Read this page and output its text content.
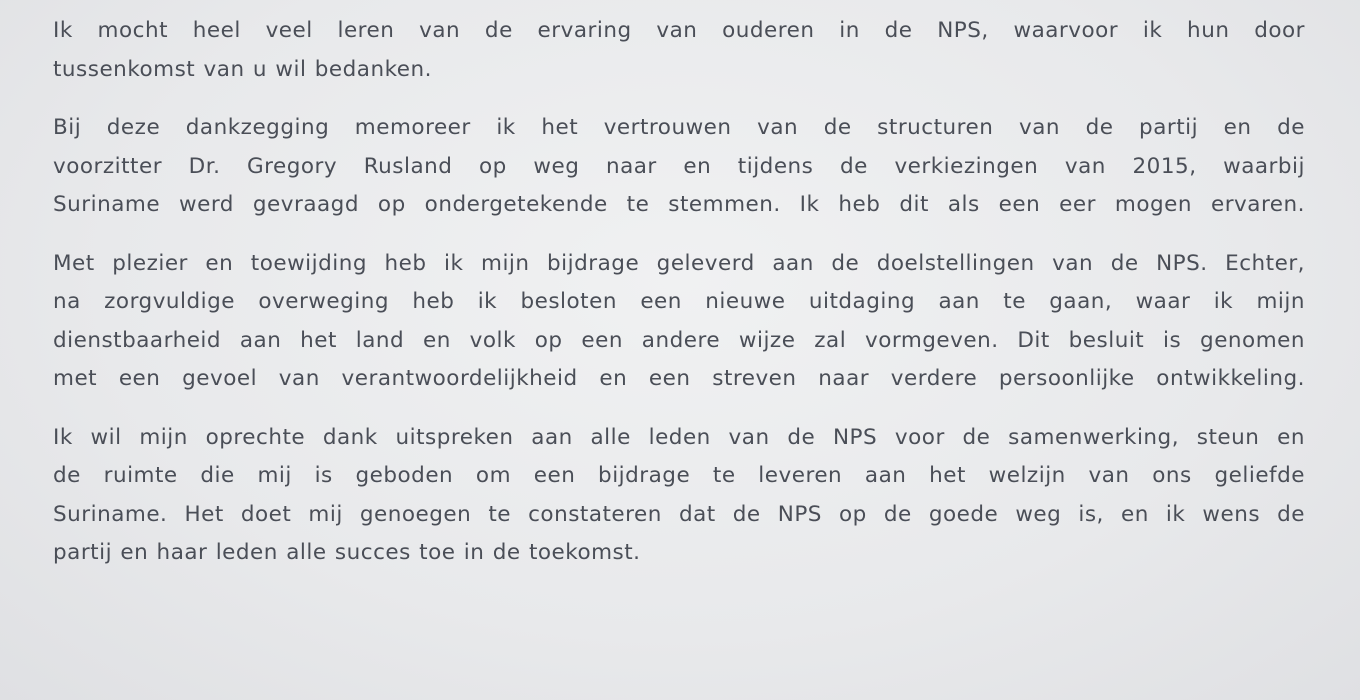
Ik mocht heel veel leren van de ervaring van ouderen in de NPS, waarvoor ik hun door
tussenkomst van u wil bedanken.

Bij deze dankzegging memoreer ik het vertrouwen van de structuren van de partij en de
voorzitter Dr. Gregory Rusland op weg naar en tijdens de verkiezingen van 2015, waarbij
Suriname werd gevraagd op ondergetekende te stemmen. Ik heb dit als een eer mogen ervaren.

Met plezier en toewijding heb ik mijn bijdrage geleverd aan de doelstellingen van de NPS. Echter,
na zorgvuldige overweging heb ik besloten een nieuwe uitdaging aan te gaan, waar ik mijn
dienstbaarheid aan het land en volk op een andere wijze zal vormgeven. Dit besluit is genomen
met een gevoel van verantwoordelijkheid en een streven naar verdere persoonlijke ontwikkeling.

Ik wil mijn oprechte dank uitspreken aan alle leden van de NPS voor de samenwerking, steun en
de ruimte die mij is geboden om een bijdrage te leveren aan het welzijn van ons geliefde
Suriname. Het doet mij genoegen te constateren dat de NPS op de goede weg is, en ik wens de
partij en haar leden alle succes toe in de toekomst.
